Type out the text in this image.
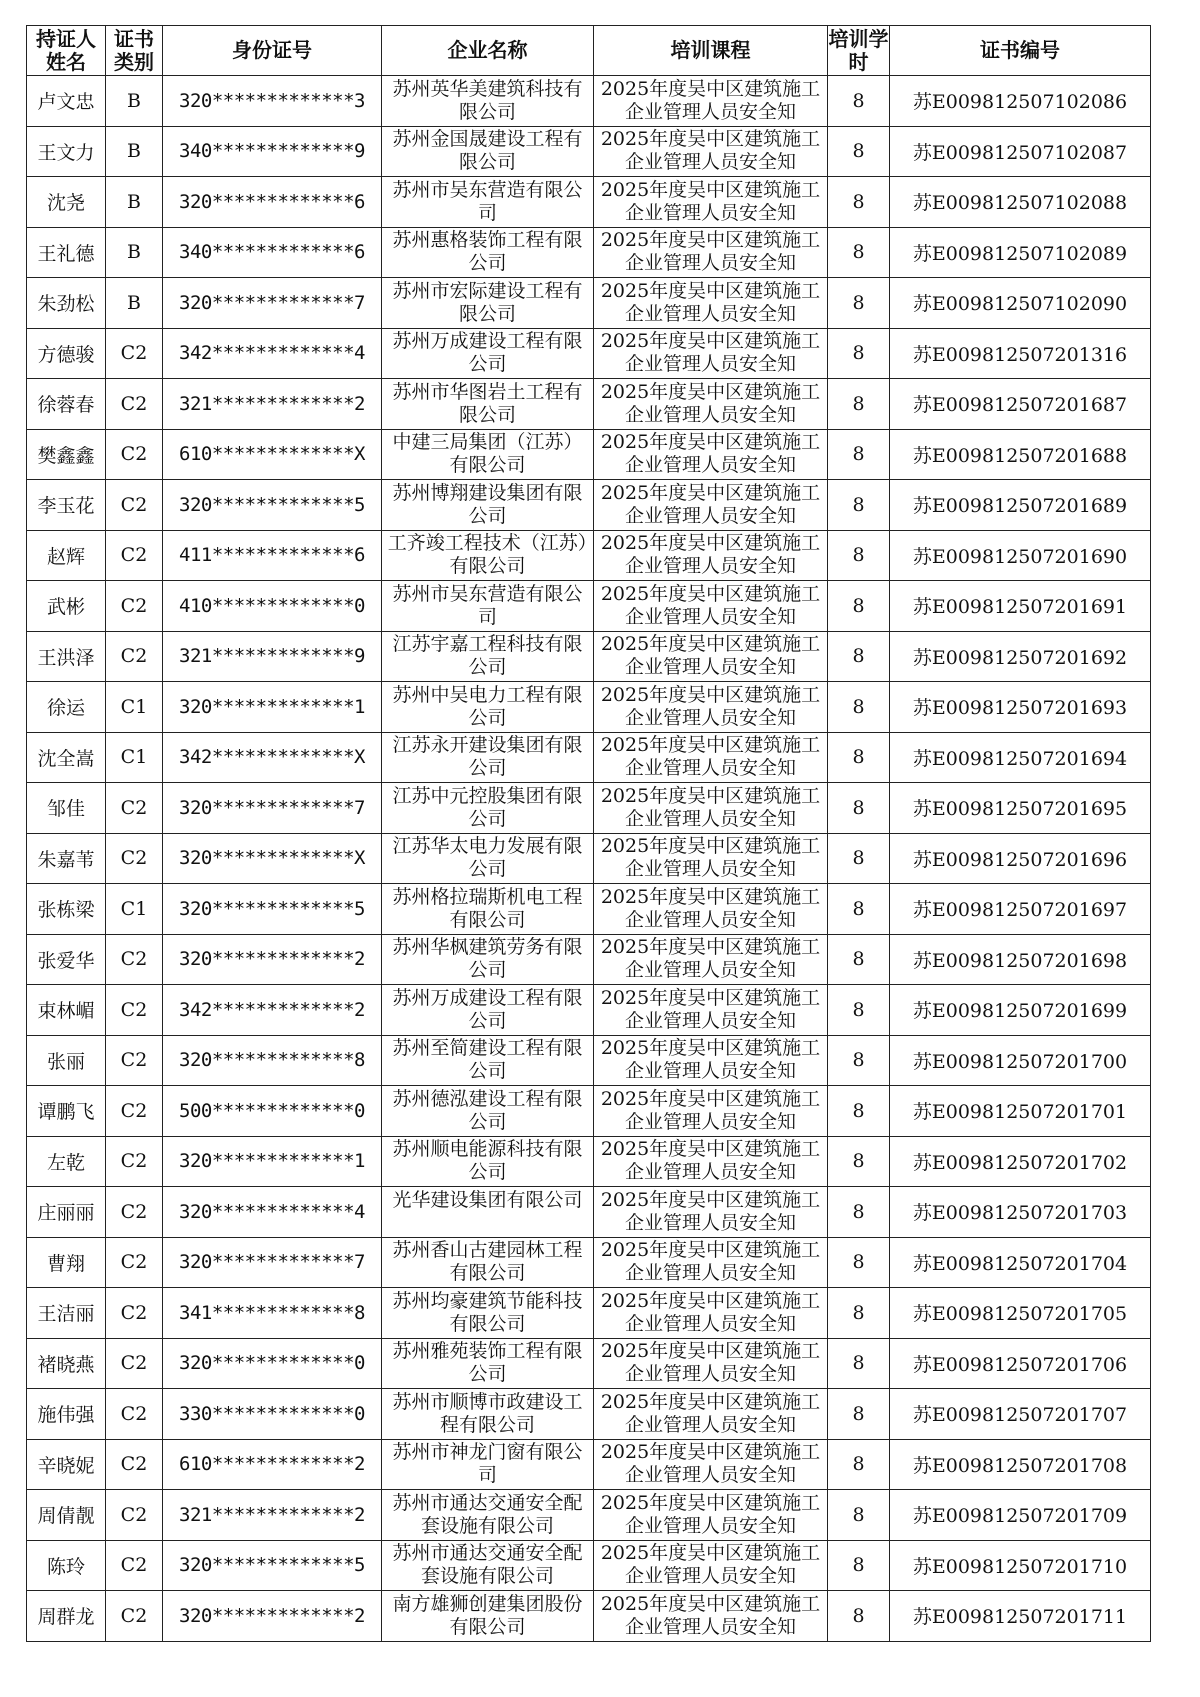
持证人姓名	证书类别	身份证号	企业名称	培训课程	培训学时	证书编号
卢文忠	B	320*************3	苏州英华美建筑科技有限公司	2025年度吴中区建筑施工企业管理人员安全知	8	苏E009812507102086
王文力	B	340*************9	苏州金国晟建设工程有限公司	2025年度吴中区建筑施工企业管理人员安全知	8	苏E009812507102087
沈尧	B	320*************6	苏州市吴东营造有限公司	2025年度吴中区建筑施工企业管理人员安全知	8	苏E009812507102088
王礼德	B	340*************6	苏州惠格装饰工程有限公司	2025年度吴中区建筑施工企业管理人员安全知	8	苏E009812507102089
朱劲松	B	320*************7	苏州市宏际建设工程有限公司	2025年度吴中区建筑施工企业管理人员安全知	8	苏E009812507102090
方德骏	C2	342*************4	苏州万成建设工程有限公司	2025年度吴中区建筑施工企业管理人员安全知	8	苏E009812507201316
徐蓉春	C2	321*************2	苏州市华图岩土工程有限公司	2025年度吴中区建筑施工企业管理人员安全知	8	苏E009812507201687
樊鑫鑫	C2	610*************X	中建三局集团（江苏）有限公司	2025年度吴中区建筑施工企业管理人员安全知	8	苏E009812507201688
李玉花	C2	320*************5	苏州博翔建设集团有限公司	2025年度吴中区建筑施工企业管理人员安全知	8	苏E009812507201689
赵辉	C2	411*************6	工齐竣工程技术（江苏）有限公司	2025年度吴中区建筑施工企业管理人员安全知	8	苏E009812507201690
武彬	C2	410*************0	苏州市吴东营造有限公司	2025年度吴中区建筑施工企业管理人员安全知	8	苏E009812507201691
王洪泽	C2	321*************9	江苏宇嘉工程科技有限公司	2025年度吴中区建筑施工企业管理人员安全知	8	苏E009812507201692
徐运	C1	320*************1	苏州中吴电力工程有限公司	2025年度吴中区建筑施工企业管理人员安全知	8	苏E009812507201693
沈全嵩	C1	342*************X	江苏永开建设集团有限公司	2025年度吴中区建筑施工企业管理人员安全知	8	苏E009812507201694
邹佳	C2	320*************7	江苏中元控股集团有限公司	2025年度吴中区建筑施工企业管理人员安全知	8	苏E009812507201695
朱嘉苇	C2	320*************X	江苏华太电力发展有限公司	2025年度吴中区建筑施工企业管理人员安全知	8	苏E009812507201696
张栋梁	C1	320*************5	苏州格拉瑞斯机电工程有限公司	2025年度吴中区建筑施工企业管理人员安全知	8	苏E009812507201697
张爱华	C2	320*************2	苏州华枫建筑劳务有限公司	2025年度吴中区建筑施工企业管理人员安全知	8	苏E009812507201698
束林嵋	C2	342*************2	苏州万成建设工程有限公司	2025年度吴中区建筑施工企业管理人员安全知	8	苏E009812507201699
张丽	C2	320*************8	苏州至简建设工程有限公司	2025年度吴中区建筑施工企业管理人员安全知	8	苏E009812507201700
谭鹏飞	C2	500*************0	苏州德泓建设工程有限公司	2025年度吴中区建筑施工企业管理人员安全知	8	苏E009812507201701
左乾	C2	320*************1	苏州顺电能源科技有限公司	2025年度吴中区建筑施工企业管理人员安全知	8	苏E009812507201702
庄丽丽	C2	320*************4	光华建设集团有限公司	2025年度吴中区建筑施工企业管理人员安全知	8	苏E009812507201703
曹翔	C2	320*************7	苏州香山古建园林工程有限公司	2025年度吴中区建筑施工企业管理人员安全知	8	苏E009812507201704
王洁丽	C2	341*************8	苏州均豪建筑节能科技有限公司	2025年度吴中区建筑施工企业管理人员安全知	8	苏E009812507201705
褚晓燕	C2	320*************0	苏州雅苑装饰工程有限公司	2025年度吴中区建筑施工企业管理人员安全知	8	苏E009812507201706
施伟强	C2	330*************0	苏州市顺博市政建设工程有限公司	2025年度吴中区建筑施工企业管理人员安全知	8	苏E009812507201707
辛晓妮	C2	610*************2	苏州市神龙门窗有限公司	2025年度吴中区建筑施工企业管理人员安全知	8	苏E009812507201708
周倩靓	C2	321*************2	苏州市通达交通安全配套设施有限公司	2025年度吴中区建筑施工企业管理人员安全知	8	苏E009812507201709
陈玲	C2	320*************5	苏州市通达交通安全配套设施有限公司	2025年度吴中区建筑施工企业管理人员安全知	8	苏E009812507201710
周群龙	C2	320*************2	南方雄狮创建集团股份有限公司	2025年度吴中区建筑施工企业管理人员安全知	8	苏E009812507201711
